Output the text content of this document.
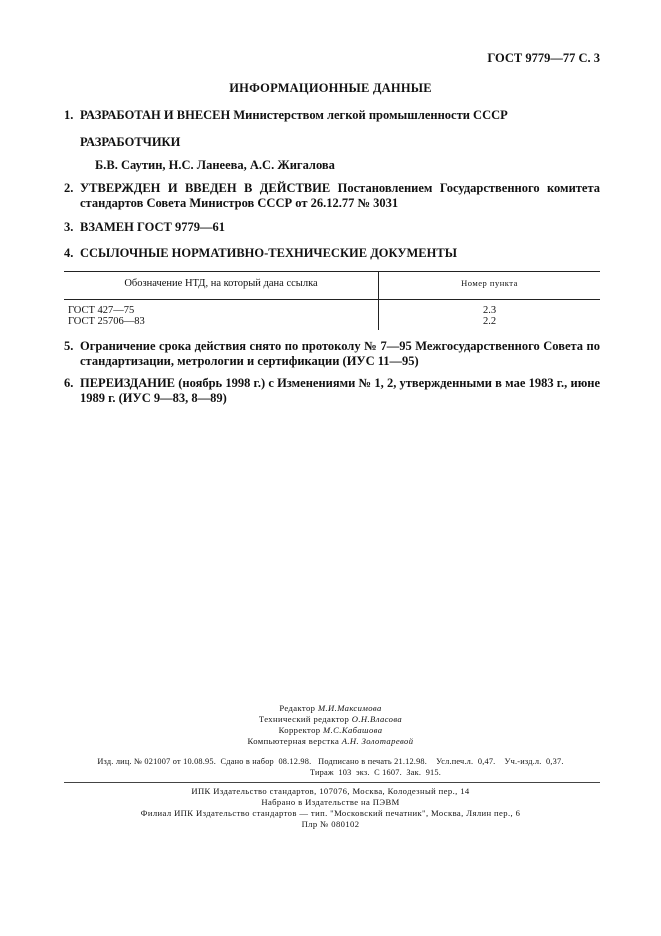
ГОСТ 9779—77 С. 3
ИНФОРМАЦИОННЫЕ ДАННЫЕ
1. РАЗРАБОТАН И ВНЕСЕН Министерством легкой промышленности СССР
РАЗРАБОТЧИКИ
Б.В. Саутин, Н.С. Ланеева, А.С. Жигалова
2. УТВЕРЖДЕН И ВВЕДЕН В ДЕЙСТВИЕ Постановлением Государственного комитета стандартов Совета Министров СССР от 26.12.77 № 3031
3. ВЗАМЕН ГОСТ 9779—61
4. ССЫЛОЧНЫЕ НОРМАТИВНО-ТЕХНИЧЕСКИЕ ДОКУМЕНТЫ
Обозначение НТД, на который дана ссылка	Номер пункта
ГОСТ 427—75	2.3
ГОСТ 25706—83	2.2
5. Ограничение срока действия снято по протоколу № 7—95 Межгосударственного Совета по стандартизации, метрологии и сертификации (ИУС 11—95)
6. ПЕРЕИЗДАНИЕ (ноябрь 1998 г.) с Изменениями № 1, 2, утвержденными в мае 1983 г., июне 1989 г. (ИУС 9—83, 8—89)
Редактор М.И.Максимова
Технический редактор О.Н.Власова
Корректор М.С.Кабашова
Компьютерная верстка А.Н. Золотаревой
Изд. лиц. № 021007 от 10.08.95.  Сдано в набор  08.12.98.   Подписано в печать 21.12.98.    Усл.печ.л.  0,47.    Уч.-изд.л.  0,37.
Тираж  103  экз.  С 1607.  Зак.  915.
ИПК Издательство стандартов, 107076, Москва, Колодезный пер., 14
Набрано в Издательстве на ПЭВМ
Филиал ИПК Издательство стандартов — тип. "Московский печатник", Москва, Лялин пер., 6
Плр № 080102
